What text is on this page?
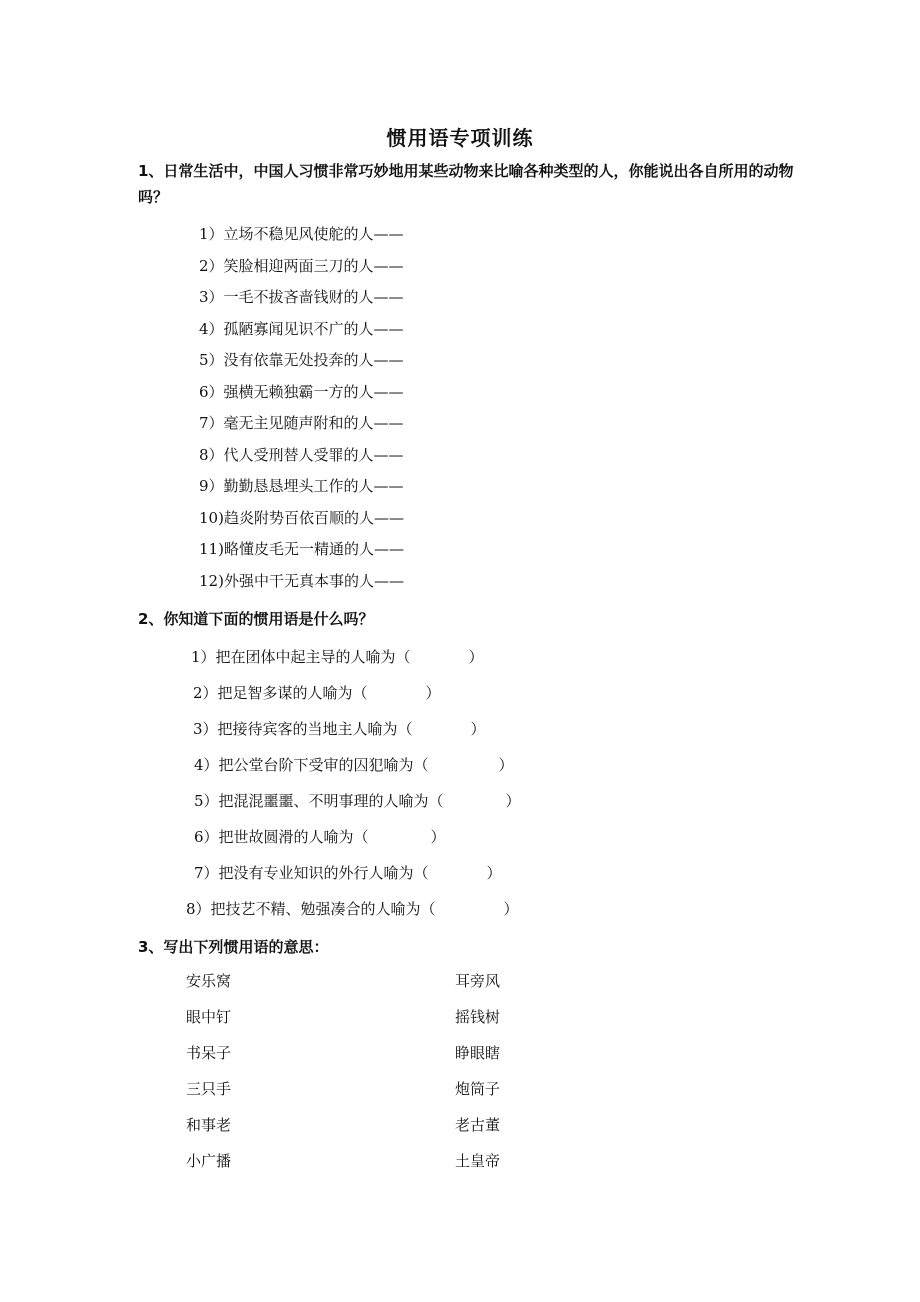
惯用语专项训练
1、日常生活中，中国人习惯非常巧妙地用某些动物来比喻各种类型的人，你能说出各自所用的动物吗？
1）立场不稳见风使舵的人——
2）笑脸相迎两面三刀的人——
3）一毛不拔吝啬钱财的人——
4）孤陋寡闻见识不广的人——
5）没有依靠无处投奔的人——
6）强横无赖独霸一方的人——
7）毫无主见随声附和的人——
8）代人受刑替人受罪的人——
9）勤勤恳恳埋头工作的人——
10)趋炎附势百依百顺的人——
11)略懂皮毛无一精通的人——
12)外强中干无真本事的人——
2、你知道下面的惯用语是什么吗？
1）把在团体中起主导的人喻为（	）
2）把足智多谋的人喻为（	）
3）把接待宾客的当地主人喻为（	）
4）把公堂台阶下受审的囚犯喻为（	）
5）把混混噩噩、不明事理的人喻为（	）
6）把世故圆滑的人喻为（	）
7）把没有专业知识的外行人喻为（	）
8）把技艺不精、勉强凑合的人喻为（	）
3、写出下列惯用语的意思：
安乐窝	耳旁风
眼中钉	摇钱树
书呆子	睁眼瞎
三只手	炮筒子
和事老	老古董
小广播	土皇帝
